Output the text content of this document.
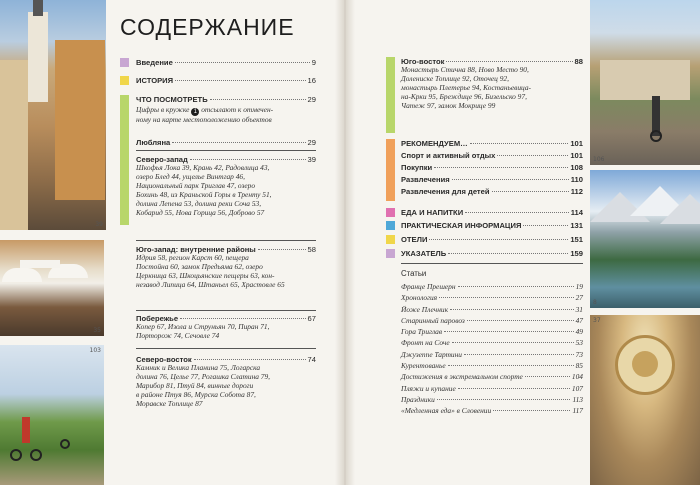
39
35
103
106
8
37
СОДЕРЖАНИЕ
Введение	9
ИСТОРИЯ	16
ЧТО ПОСМОТРЕТЬ	29
Цифры в кружке 1 отсылают к отмечен-
ному на карте местоположению объектов
Любляна	29
Северо-запад	39
Шкофья Лока 39, Крань 42, Радовлица 43,
озеро Блед 44, ущелье Винтгар 46,
Национальный парк Триглав 47, озеро
Бохинь 48, из Краньской Горы в Тренту 51,
долина Лепена 53, долина реки Соча 53,
Кобарид 55, Нова Горица 56, Доброво 57
Юго-запад: внутренние районы	58
Идрия 58, регион Карст 60, пещера
Постойна 60, замок Предьяма 62, озеро
Церкница 63, Шкоцьянские пещеры 63, кон-
незавод Липица 64, Штаньел 65, Храстовле 65
Побережье	67
Копер 67, Изола и Струньян 70, Пиран 71,
Порторож 74, Сечовле 74
Северо-восток	74
Камник и Велика Планина 75, Логарска
долина 76, Целье 77, Рогашка Слатина 79,
Марибор 81, Птуй 84, винные дороги
в районе Птуя 86, Мурска Собота 87,
Моравске Топлице 87
Юго-восток	88
Монастырь Стична 88, Ново Место 90,
Долениске Топлице 92, Оточец 92,
монастырь Плетерье 94, Костаньевица-
на-Крки 95, Бреждице 96, Бизельско 97,
Чатеж 97, замок Мокрице 99
РЕКОМЕНДУЕМ…	101
Спорт и активный отдых	101
Покупки	108
Развлечения	110
Развлечения для детей	112
ЕДА И НАПИТКИ	114
ПРАКТИЧЕСКАЯ ИНФОРМАЦИЯ	131
ОТЕЛИ	151
УКАЗАТЕЛЬ	159
Статьи
Франце Прешерн	19
Хронология	27
Йоже Плечник	31
Старинный паровоз	47
Гора Триглав	49
Фронт на Соче	53
Джузеппе Тартини	73
Курентованье	85
Достижения в экстремальном спорте	104
Пляжи и купание	107
Праздники	113
«Медленная еда» в Словении	117
